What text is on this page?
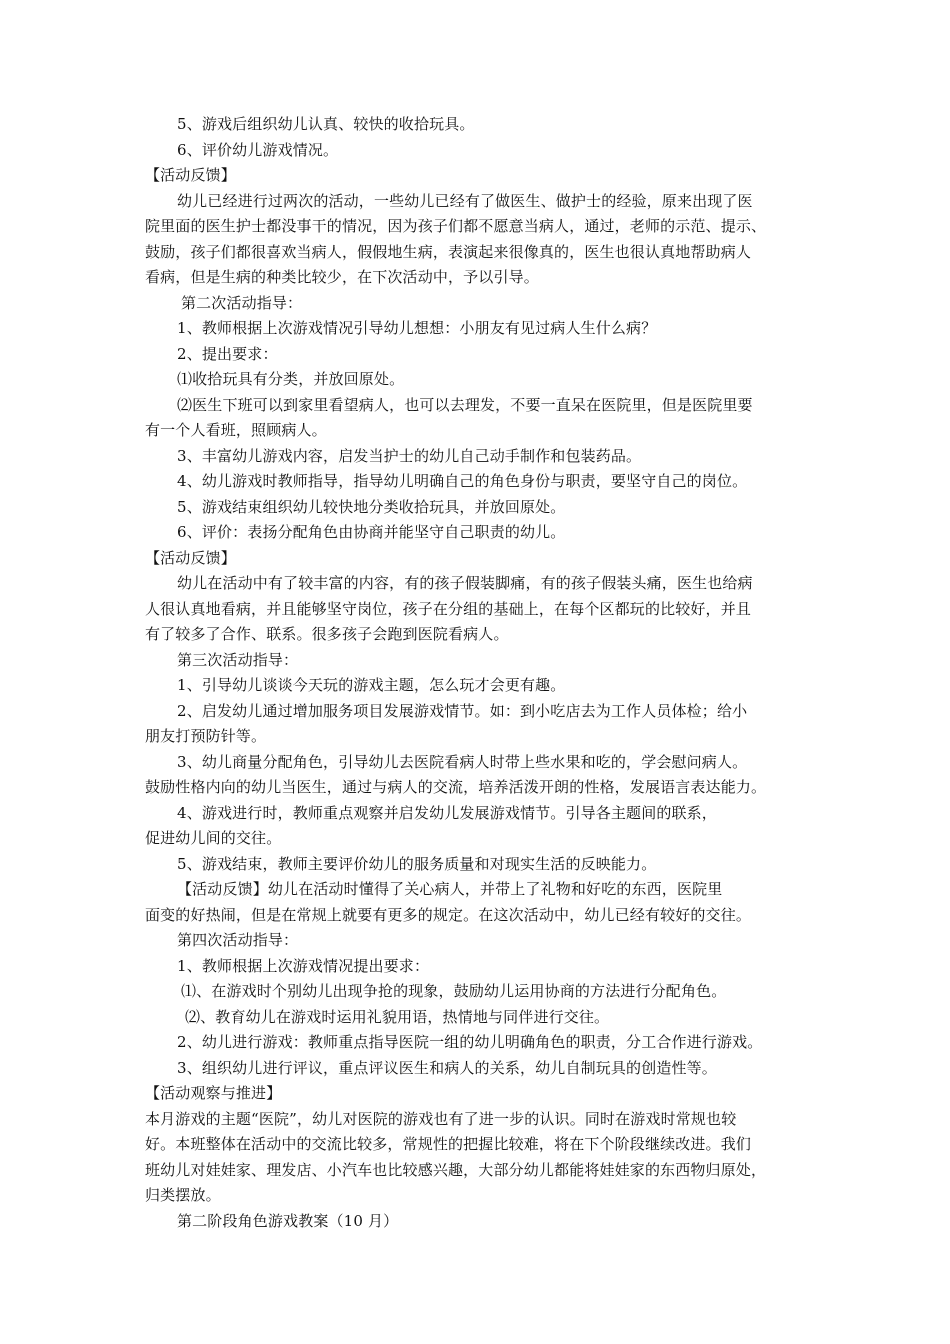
5、游戏后组织幼儿认真、较快的收拾玩具。
6、评价幼儿游戏情况。
【活动反馈】
幼儿已经进行过两次的活动，一些幼儿已经有了做医生、做护士的经验，原来出现了医
院里面的医生护士都没事干的情况，因为孩子们都不愿意当病人，通过，老师的示范、提示、
鼓励，孩子们都很喜欢当病人，假假地生病，表演起来很像真的，医生也很认真地帮助病人
看病，但是生病的种类比较少，在下次活动中，予以引导。
第二次活动指导：
1、教师根据上次游戏情况引导幼儿想想：小朋友有见过病人生什么病？
2、提出要求：
⑴收拾玩具有分类，并放回原处。
⑵医生下班可以到家里看望病人，也可以去理发，不要一直呆在医院里，但是医院里要
有一个人看班，照顾病人。
3、丰富幼儿游戏内容，启发当护士的幼儿自己动手制作和包装药品。
4、幼儿游戏时教师指导，指导幼儿明确自己的角色身份与职责，要坚守自己的岗位。
5、游戏结束组织幼儿较快地分类收拾玩具，并放回原处。
6、评价：表扬分配角色由协商并能坚守自己职责的幼儿。
【活动反馈】
幼儿在活动中有了较丰富的内容，有的孩子假装脚痛，有的孩子假装头痛，医生也给病
人很认真地看病，并且能够坚守岗位，孩子在分组的基础上，在每个区都玩的比较好，并且
有了较多了合作、联系。很多孩子会跑到医院看病人。
第三次活动指导：
1、引导幼儿谈谈今天玩的游戏主题，怎么玩才会更有趣。
2、启发幼儿通过增加服务项目发展游戏情节。如：到小吃店去为工作人员体检；给小
朋友打预防针等。
3、幼儿商量分配角色，引导幼儿去医院看病人时带上些水果和吃的，学会慰问病人。
鼓励性格内向的幼儿当医生，通过与病人的交流，培养活泼开朗的性格，发展语言表达能力。
4、游戏进行时，教师重点观察并启发幼儿发展游戏情节。引导各主题间的联系，
促进幼儿间的交往。
5、游戏结束，教师主要评价幼儿的服务质量和对现实生活的反映能力。
【活动反馈】幼儿在活动时懂得了关心病人，并带上了礼物和好吃的东西，医院里
面变的好热闹，但是在常规上就要有更多的规定。在这次活动中，幼儿已经有较好的交往。
第四次活动指导：
1、教师根据上次游戏情况提出要求：
⑴、在游戏时个别幼儿出现争抢的现象，鼓励幼儿运用协商的方法进行分配角色。
⑵、教育幼儿在游戏时运用礼貌用语，热情地与同伴进行交往。
2、幼儿进行游戏：教师重点指导医院一组的幼儿明确角色的职责，分工合作进行游戏。
3、组织幼儿进行评议，重点评议医生和病人的关系，幼儿自制玩具的创造性等。
【活动观察与推进】
本月游戏的主题“医院”，幼儿对医院的游戏也有了进一步的认识。同时在游戏时常规也较
好。本班整体在活动中的交流比较多，常规性的把握比较难，将在下个阶段继续改进。我们
班幼儿对娃娃家、理发店、小汽车也比较感兴趣，大部分幼儿都能将娃娃家的东西物归原处，
归类摆放。
第二阶段角色游戏教案（10 月）
